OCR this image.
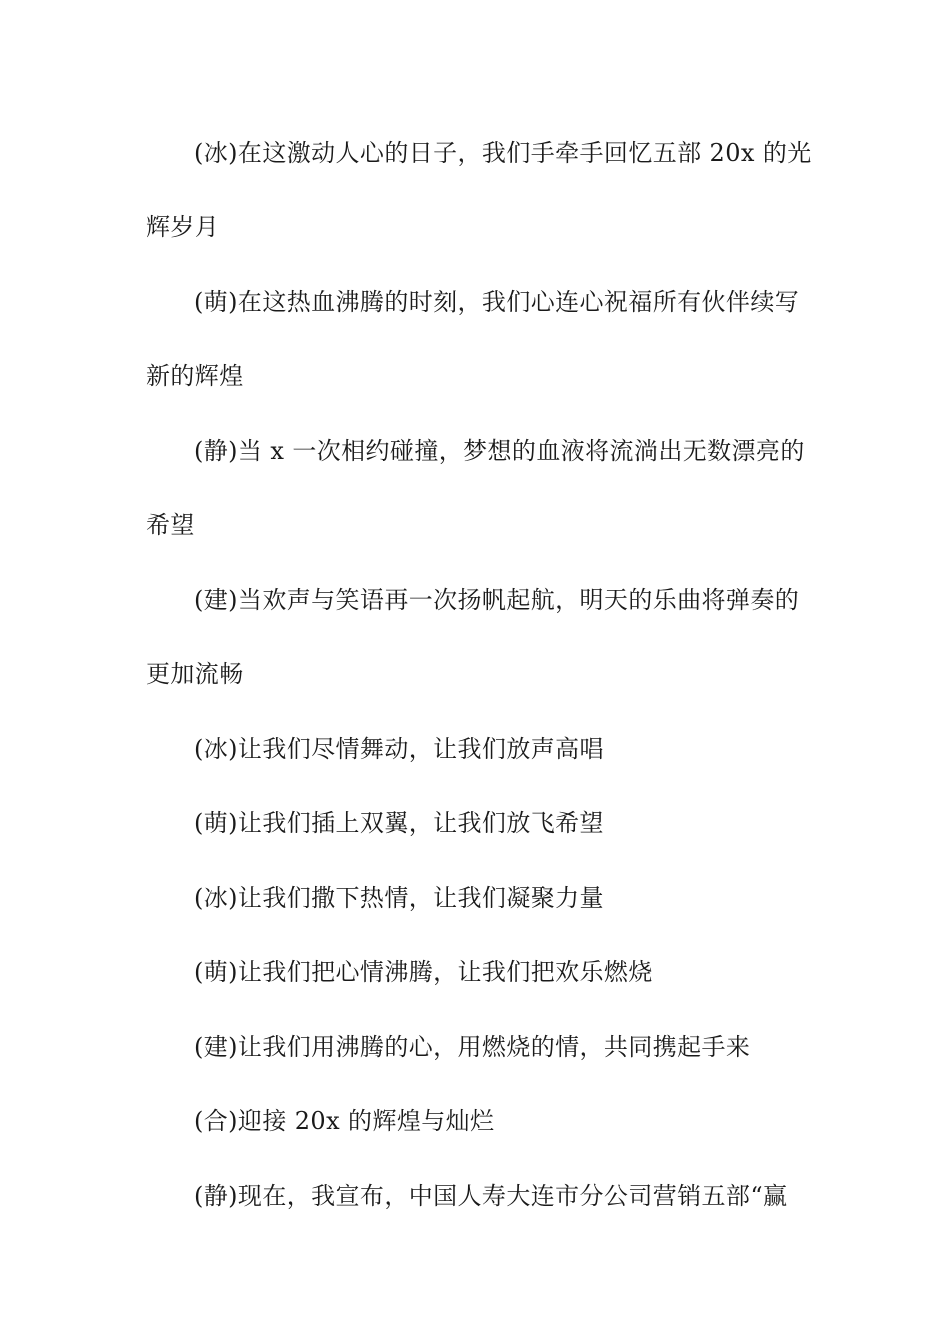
(冰)在这激动人心的日子，我们手牵手回忆五部 20x 的光
辉岁月
(萌)在这热血沸腾的时刻，我们心连心祝福所有伙伴续写
新的辉煌
(静)当 x 一次相约碰撞，梦想的血液将流淌出无数漂亮的
希望
(建)当欢声与笑语再一次扬帆起航，明天的乐曲将弹奏的
更加流畅
(冰)让我们尽情舞动，让我们放声高唱
(萌)让我们插上双翼，让我们放飞希望
(冰)让我们撒下热情，让我们凝聚力量
(萌)让我们把心情沸腾，让我们把欢乐燃烧
(建)让我们用沸腾的心，用燃烧的情，共同携起手来
(合)迎接 20x 的辉煌与灿烂
(静)现在，我宣布，中国人寿大连市分公司营销五部“赢
